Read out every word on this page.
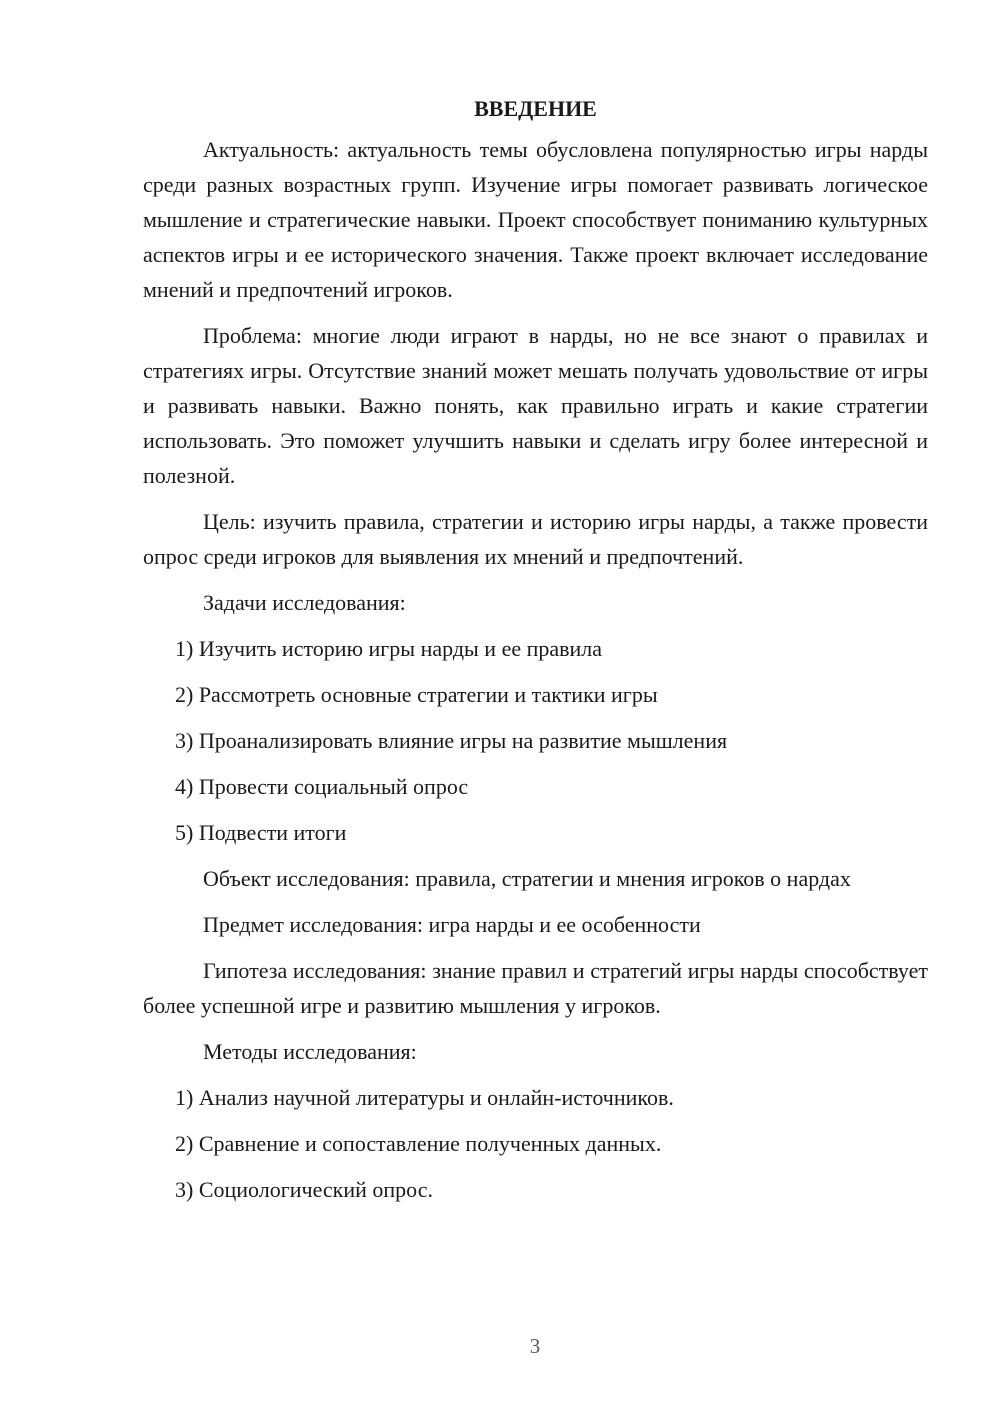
ВВЕДЕНИЕ

Актуальность: актуальность темы обусловлена популярностью игры нарды среди разных возрастных групп. Изучение игры помогает развивать логическое мышление и стратегические навыки. Проект способствует пониманию культурных аспектов игры и ее исторического значения. Также проект включает исследование мнений и предпочтений игроков.

Проблема: многие люди играют в нарды, но не все знают о правилах и стратегиях игры. Отсутствие знаний может мешать получать удовольствие от игры и развивать навыки. Важно понять, как правильно играть и какие стратегии использовать. Это поможет улучшить навыки и сделать игру более интересной и полезной.

Цель: изучить правила, стратегии и историю игры нарды, а также провести опрос среди игроков для выявления их мнений и предпочтений.

Задачи исследования:

1) Изучить историю игры нарды и ее правила
2) Рассмотреть основные стратегии и тактики игры
3) Проанализировать влияние игры на развитие мышления
4) Провести социальный опрос
5) Подвести итоги

Объект исследования: правила, стратегии и мнения игроков о нардах

Предмет исследования: игра нарды и ее особенности

Гипотеза исследования: знание правил и стратегий игры нарды способствует более успешной игре и развитию мышления у игроков.

Методы исследования:

1) Анализ научной литературы и онлайн-источников.
2) Сравнение и сопоставление полученных данных.
3) Социологический опрос.
3
